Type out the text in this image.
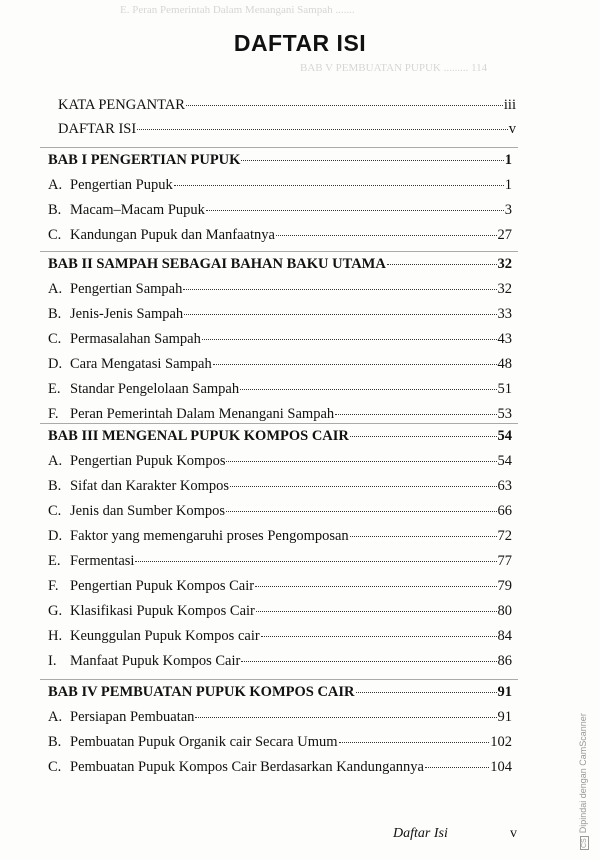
E. Peran Pemerintah Dalam Menangani Sampah .......
BAB V PEMBUATAN PUPUK ......... 114
DAFTAR ISI
KATA PENGANTAR	iii
DAFTAR ISI	v
BAB I PENGERTIAN PUPUK	1
A. Pengertian Pupuk	1
B. Macam–Macam Pupuk	3
C. Kandungan Pupuk dan Manfaatnya	27
BAB II SAMPAH SEBAGAI BAHAN BAKU UTAMA	32
A. Pengertian Sampah	32
B. Jenis-Jenis Sampah	33
C. Permasalahan Sampah	43
D. Cara Mengatasi Sampah	48
E. Standar Pengelolaan Sampah	51
F. Peran Pemerintah Dalam Menangani Sampah	53
BAB III MENGENAL PUPUK KOMPOS CAIR	54
A. Pengertian Pupuk Kompos	54
B. Sifat dan Karakter Kompos	63
C. Jenis dan Sumber Kompos	66
D. Faktor yang memengaruhi proses Pengomposan	72
E. Fermentasi	77
F. Pengertian Pupuk Kompos Cair	79
G. Klasifikasi Pupuk Kompos Cair	80
H. Keunggulan Pupuk Kompos cair	84
I. Manfaat Pupuk Kompos Cair	86
BAB IV PEMBUATAN PUPUK KOMPOS CAIR	91
A. Persiapan Pembuatan	91
B. Pembuatan Pupuk Organik cair Secara Umum	102
C. Pembuatan Pupuk Kompos Cair Berdasarkan Kandungannya	104
Daftar Isi	v
CSDipindai dengan CamScanner
